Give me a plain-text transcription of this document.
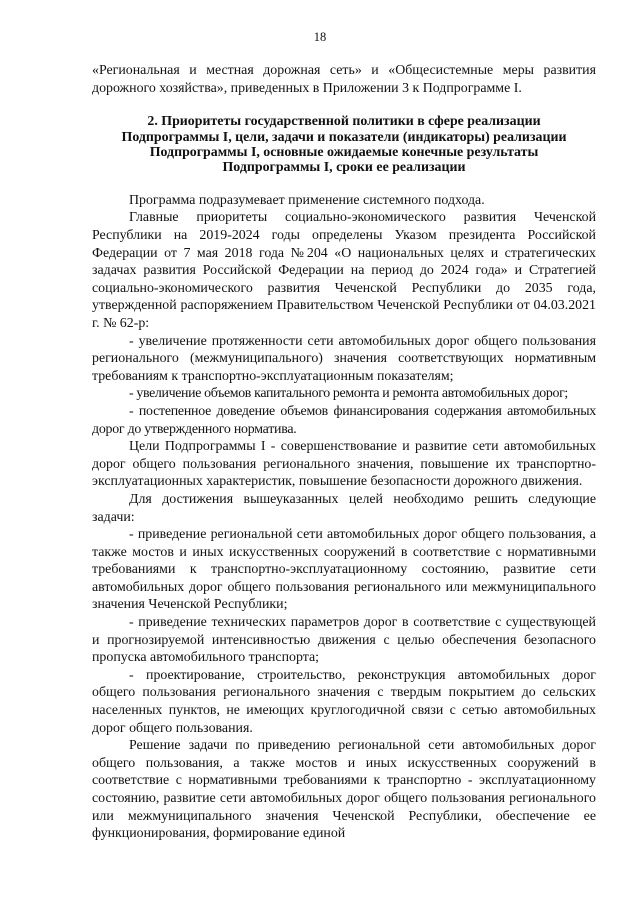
18

«Региональная и местная дорожная сеть» и «Общесистемные меры развития дорожного хозяйства», приведенных в Приложении 3 к Подпрограмме I.

2. Приоритеты государственной политики в сфере реализации
Подпрограммы I, цели, задачи и показатели (индикаторы) реализации
Подпрограммы I, основные ожидаемые конечные результаты
Подпрограммы I, сроки ее реализации

Программа подразумевает применение системного подхода.

Главные приоритеты социально-экономического развития Чеченской Республики на 2019-2024 годы определены Указом президента Российской Федерации от 7 мая 2018 года №204 «О национальных целях и стратегических задачах развития Российской Федерации на период до 2024 года» и Стратегией социально-экономического развития Чеченской Республики до 2035 года, утвержденной распоряжением Правительством Чеченской Республики от 04.03.2021 г. № 62-р:

- увеличение протяженности сети автомобильных дорог общего пользования регионального (межмуниципального) значения соответствующих нормативным требованиям к транспортно-эксплуатационным показателям;

- увеличение объемов капитального ремонта и ремонта автомобильных дорог;

- постепенное доведение объемов финансирования содержания автомобильных дорог до утвержденного норматива.

Цели Подпрограммы I - совершенствование и развитие сети автомобильных дорог общего пользования регионального значения, повышение их транспортно-эксплуатационных характеристик, повышение безопасности дорожного движения.

Для достижения вышеуказанных целей необходимо решить следующие задачи:

- приведение региональной сети автомобильных дорог общего пользования, а также мостов и иных искусственных сооружений в соответствие с нормативными требованиями к транспортно-эксплуатационному состоянию, развитие сети автомобильных дорог общего пользования регионального или межмуниципального значения Чеченской Республики;

- приведение технических параметров дорог в соответствие с существующей и прогнозируемой интенсивностью движения с целью обеспечения безопасного пропуска автомобильного транспорта;

- проектирование, строительство, реконструкция автомобильных дорог общего пользования регионального значения с твердым покрытием до сельских населенных пунктов, не имеющих круглогодичной связи с сетью автомобильных дорог общего пользования.

Решение задачи по приведению региональной сети автомобильных дорог общего пользования, а также мостов и иных искусственных сооружений в соответствие с нормативными требованиями к транспортно - эксплуатационному состоянию, развитие сети автомобильных дорог общего пользования регионального или межмуниципального значения Чеченской Республики, обеспечение ее функционирования, формирование единой
